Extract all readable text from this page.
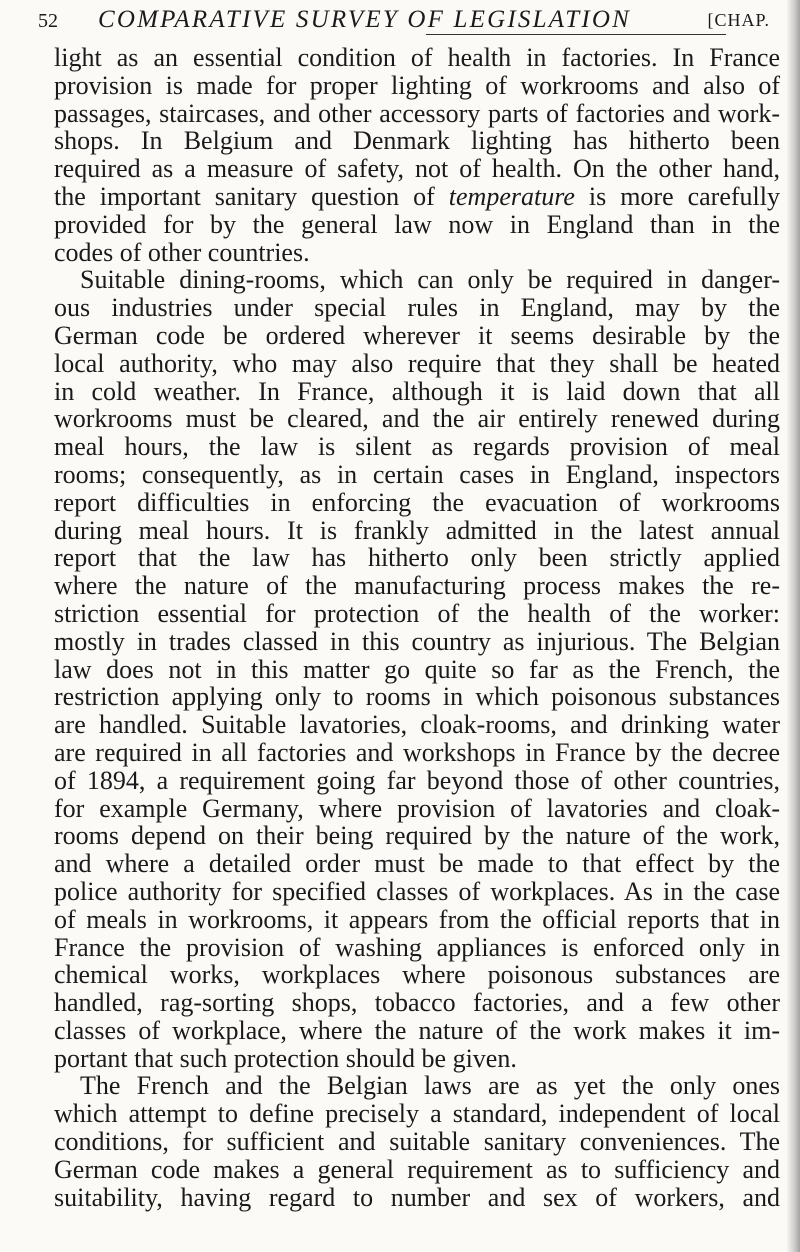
52 COMPARATIVE SURVEY OF LEGISLATION	[CHAP.
light as an essential condition of health in factories. In France
provision is made for proper lighting of workrooms and also of
passages, staircases, and other accessory parts of factories and work-
shops. In Belgium and Denmark lighting has hitherto been
required as a measure of safety, not of health. On the other hand,
the important sanitary question of temperature is more carefully
provided for by the general law now in England than in the
codes of other countries.
Suitable dining-rooms, which can only be required in danger-
ous industries under special rules in England, may by the
German code be ordered wherever it seems desirable by the
local authority, who may also require that they shall be heated
in cold weather. In France, although it is laid down that all
workrooms must be cleared, and the air entirely renewed during
meal hours, the law is silent as regards provision of meal
rooms; consequently, as in certain cases in England, inspectors
report difficulties in enforcing the evacuation of workrooms
during meal hours. It is frankly admitted in the latest annual
report that the law has hitherto only been strictly applied
where the nature of the manufacturing process makes the re-
striction essential for protection of the health of the worker:
mostly in trades classed in this country as injurious. The Belgian
law does not in this matter go quite so far as the French, the
restriction applying only to rooms in which poisonous substances
are handled. Suitable lavatories, cloak-rooms, and drinking water
are required in all factories and workshops in France by the decree
of 1894, a requirement going far beyond those of other countries,
for example Germany, where provision of lavatories and cloak-
rooms depend on their being required by the nature of the work,
and where a detailed order must be made to that effect by the
police authority for specified classes of workplaces. As in the case
of meals in workrooms, it appears from the official reports that in
France the provision of washing appliances is enforced only in
chemical works, workplaces where poisonous substances are
handled, rag-sorting shops, tobacco factories, and a few other
classes of workplace, where the nature of the work makes it im-
portant that such protection should be given.
The French and the Belgian laws are as yet the only ones
which attempt to define precisely a standard, independent of local
conditions, for sufficient and suitable sanitary conveniences. The
German code makes a general requirement as to sufficiency and
suitability, having regard to number and sex of workers, and
